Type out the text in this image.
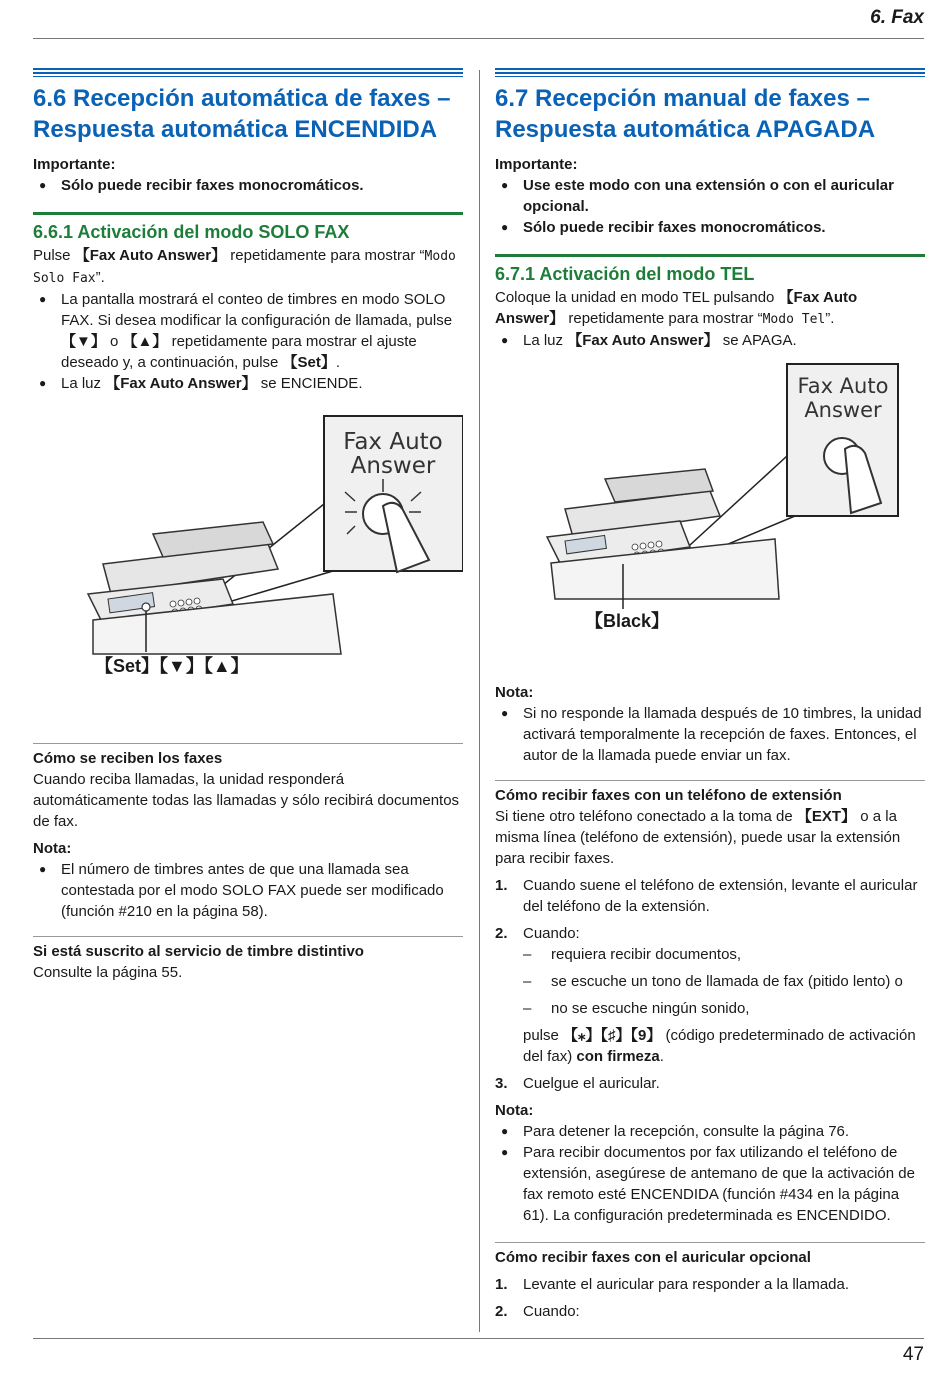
6. Fax
6.6 Recepción automática de faxes –
Respuesta automática ENCENDIDA

Importante:

● Sólo puede recibir faxes monocromáticos.
6.6.1 Activación del modo SOLO FAX

Pulse 【Fax Auto Answer】 repetidamente para mostrar “Modo Solo Fax”.

● La pantalla mostrará el conteo de timbres en modo SOLO FAX. Si desea modificar la configuración de llamada, pulse 【▼】 o 【▲】 repetidamente para mostrar el ajuste deseado y, a continuación, pulse 【Set】.
● La luz 【Fax Auto Answer】 se ENCIENDE.
Fax Auto
Answer
【Set】【▼】【▲】

Cómo se reciben los faxes

Cuando reciba llamadas, la unidad responderá automáticamente todas las llamadas y sólo recibirá documentos de fax.

Nota:

● El número de timbres antes de que una llamada sea contestada por el modo SOLO FAX puede ser modificado (función #210 en la página 58).

Si está suscrito al servicio de timbre distintivo

Consulte la página 55.

6.7 Recepción manual de faxes –
Respuesta automática APAGADA

Importante:

● Use este modo con una extensión o con el auricular opcional.
● Sólo puede recibir faxes monocromáticos.
6.7.1 Activación del modo TEL

Coloque la unidad en modo TEL pulsando 【Fax Auto Answer】 repetidamente para mostrar “Modo Tel”.

● La luz 【Fax Auto Answer】 se APAGA.
Fax Auto
Answer
【Black】

Nota:

● Si no responde la llamada después de 10 timbres, la unidad activará temporalmente la recepción de faxes. Entonces, el autor de la llamada puede enviar un fax.

Cómo recibir faxes con un teléfono de extensión

Si tiene otro teléfono conectado a la toma de 【EXT】 o a la misma línea (teléfono de extensión), puede usar la extensión para recibir faxes.

1. Cuando suene el teléfono de extensión, levante el auricular del teléfono de la extensión.
2. Cuando:
– requiera recibir documentos,
– se escuche un tono de llamada de fax (pitido lento) o
– no se escuche ningún sonido,
pulse 【⁎】【♯】【9】 (código predeterminado de activación del fax) con firmeza.
3. Cuelgue el auricular.

Nota:

● Para detener la recepción, consulte la página 76.
● Para recibir documentos por fax utilizando el teléfono de extensión, asegúrese de antemano de que la activación de fax remoto esté ENCENDIDA (función #434 en la página 61). La configuración predeterminada es ENCENDIDO.

Cómo recibir faxes con el auricular opcional

1. Levante el auricular para responder a la llamada.
2. Cuando:
47
